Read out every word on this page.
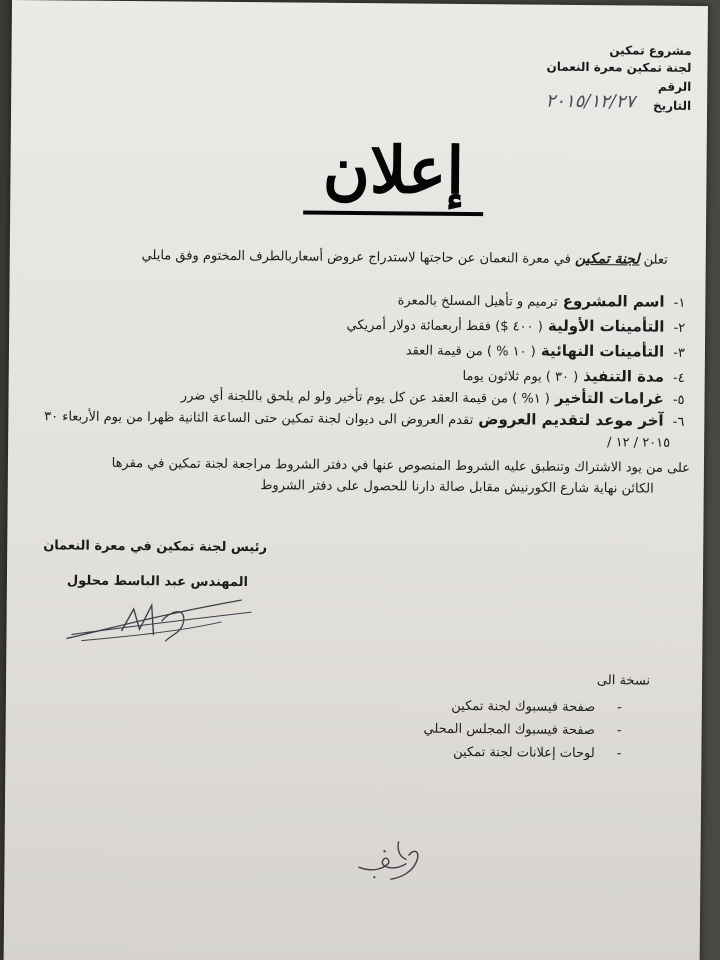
مشروع تمكين
لجنة تمكين معرة النعمان
الرقم
التاريخ
٢٠١٥/١٢/٢٧
إعلان
تعلن لجنة تمكين في معرة النعمان عن حاجتها لاستدراج عروض أسعاربالطرف المختوم وفق مايلي
١- اسم المشروع ترميم و تأهيل المسلخ بالمعرة
٢- التأمينات الأولية ( ٤٠٠ $) فقط أربعمائة دولار أمريكي
٣- التأمينات النهائية ( ١٠ % ) من قيمة العقد
٤- مدة التنفيذ ( ٣٠ ) يوم ثلاثون يوما
٥- غرامات التأخير ( ١% ) من قيمة العقد عن كل يوم تأخير ولو لم يلحق باللجنة أي ضرر
٦- آخر موعد لتقديم العروض تقدم العروض الى ديوان لجنة تمكين حتى الساعة الثانية ظهرا من يوم الأربعاء ٣٠
٢٠١٥ / ١٢ /
على من يود الاشتراك وتنطبق عليه الشروط المنصوص عنها في دفتر الشروط مراجعة لجنة تمكين في مقرها
الكائن نهاية شارع الكورنيش مقابل صالة دارنا للحصول على دفتر الشروط
رئيس لجنة تمكين في معرة النعمان
المهندس عبد الباسط محلول
نسخة الى
-صفحة فيسبوك لجنة تمكين
-صفحة فيسبوك المجلس المحلي
-لوحات إعلانات لجنة تمكين
